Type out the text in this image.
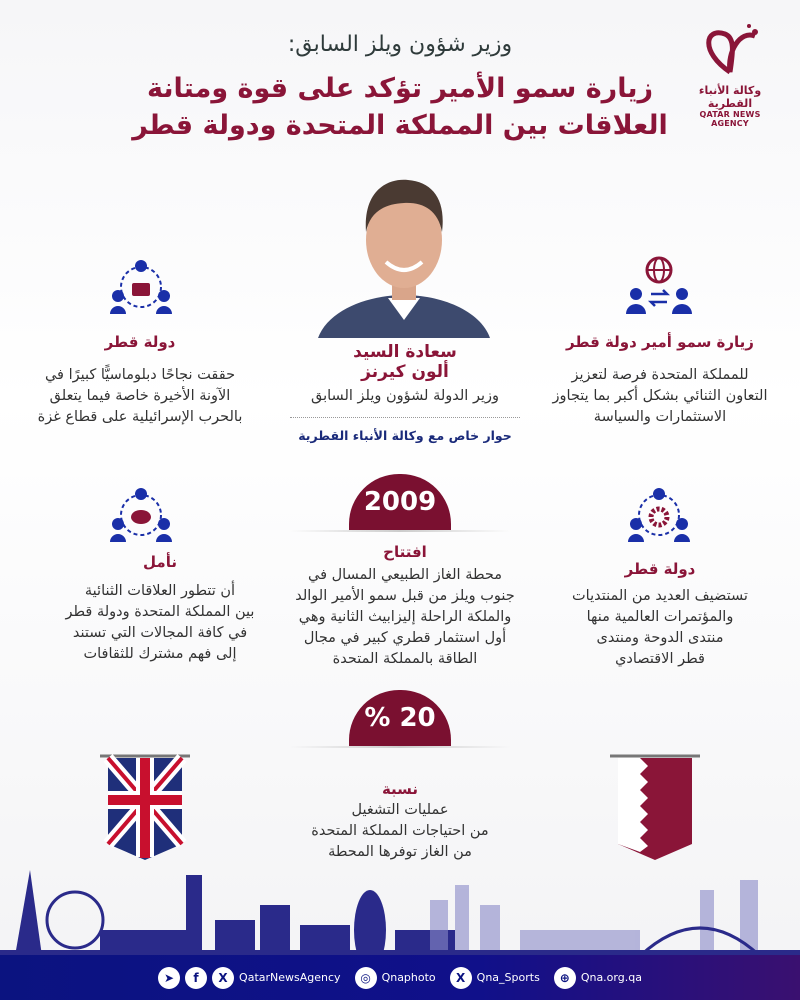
وكالة الأنباء القطرية
QATAR NEWS AGENCY
وزير شؤون ويلز السابق:
زيارة سمو الأمير تؤكد على قوة ومتانة
العلاقات بين المملكة المتحدة ودولة قطر
دولة قطر
حققت نجاحًا دبلوماسيًّا كبيرًا في
الآونة الأخيرة خاصة فيما يتعلق
بالحرب الإسرائيلية على قطاع غزة
زيارة سمو أمير دولة قطر
للمملكة المتحدة فرصة لتعزيز
التعاون الثنائي بشكل أكبر بما يتجاوز
الاستثمارات والسياسة
سعادة السيد
ألون كيرنز
وزير الدولة لشؤون ويلز السابق
حوار خاص مع وكالة الأنباء القطرية
2009
افتتاح
محطة الغاز الطبيعي المسال في
جنوب ويلز من قبل سمو الأمير الوالد
والملكة الراحلة إليزابيث الثانية وهي
أول استثمار قطري كبير في مجال
الطاقة بالمملكة المتحدة
نأمل
أن تتطور العلاقات الثنائية
بين المملكة المتحدة ودولة قطر
في كافة المجالات التي تستند
إلى فهم مشترك للثقافات
دولة قطر
تستضيف العديد من المنتديات
والمؤتمرات العالمية منها
منتدى الدوحة ومنتدى
قطر الاقتصادي
% 20
نسبة
عمليات التشغيل
من احتياجات المملكة المتحدة
من الغاز توفرها المحطة
➤	f	X	QatarNewsAgency	◎ Qnaphoto	X	Qna_Sports	⊕ Qna.org.qa
